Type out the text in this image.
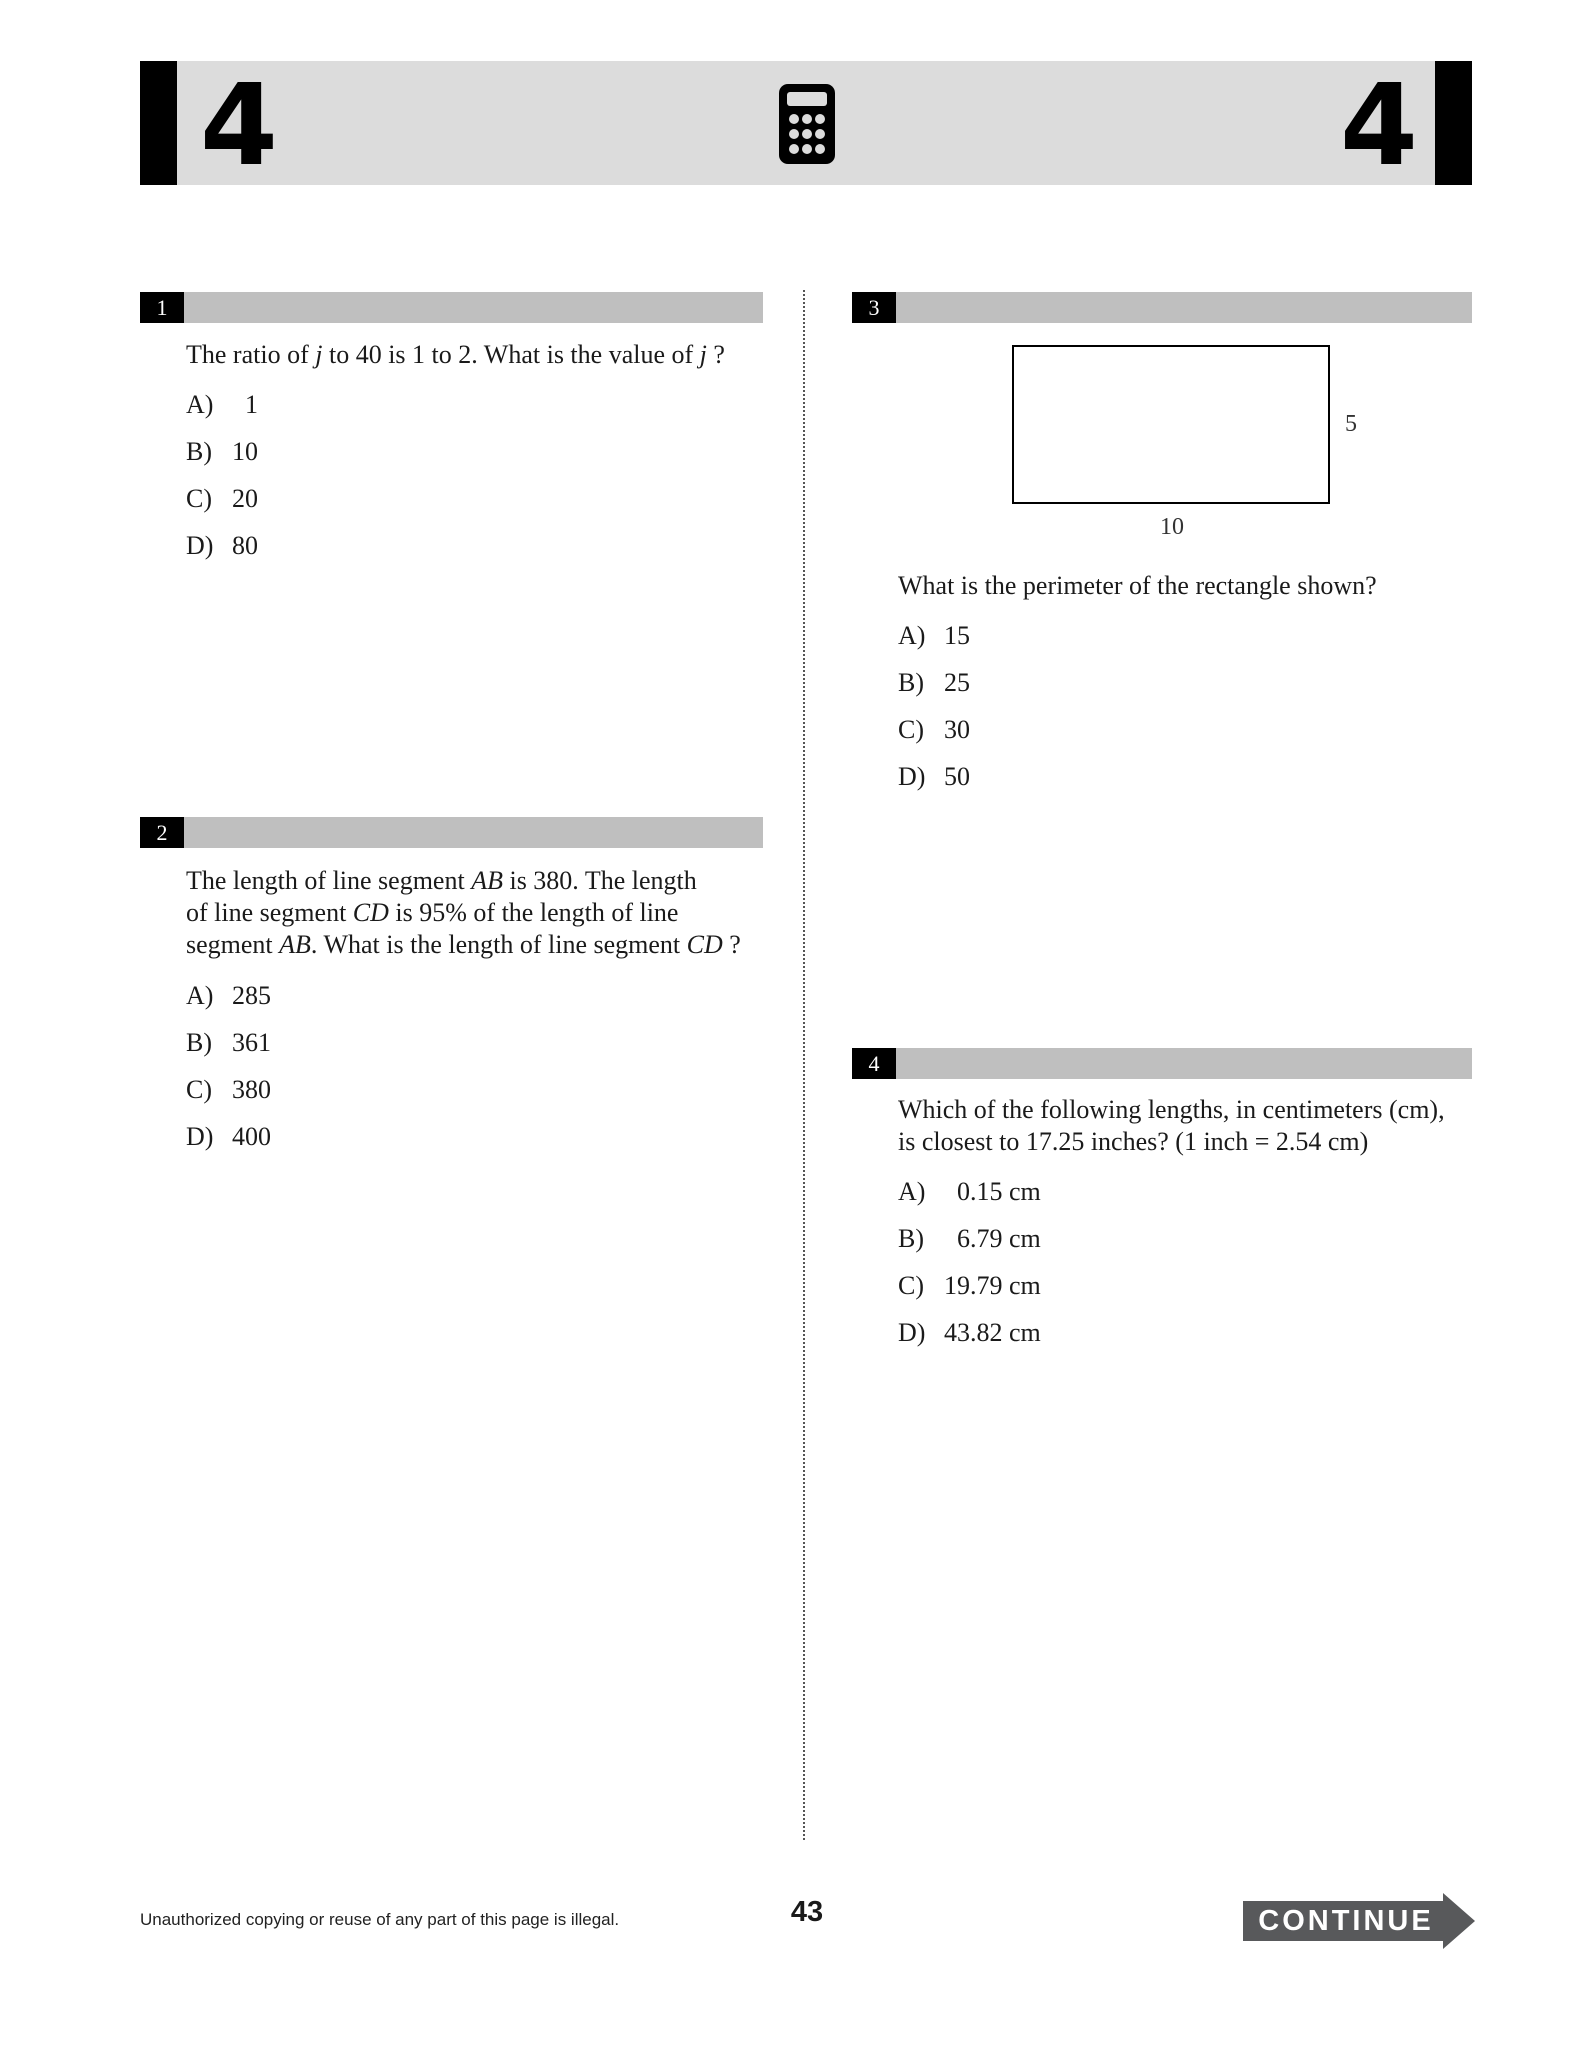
4	4
1
The ratio of j to 40 is 1 to 2. What is the value of j ?
A) 1
B) 10
C) 20
D) 80
2
The length of line segment AB is 380. The length
of line segment CD is 95% of the length of line
segment AB. What is the length of line segment CD ?
A) 285
B) 361
C) 380
D) 400
3
5
10
What is the perimeter of the rectangle shown?
A) 15
B) 25
C) 30
D) 50
4
Which of the following lengths, in centimeters (cm),
is closest to 17.25 inches? (1 inch = 2.54 cm)
A) 0.15 cm
B) 6.79 cm
C) 19.79 cm
D) 43.82 cm
Unauthorized copying or reuse of any part of this page is illegal.	43	CONTINUE
